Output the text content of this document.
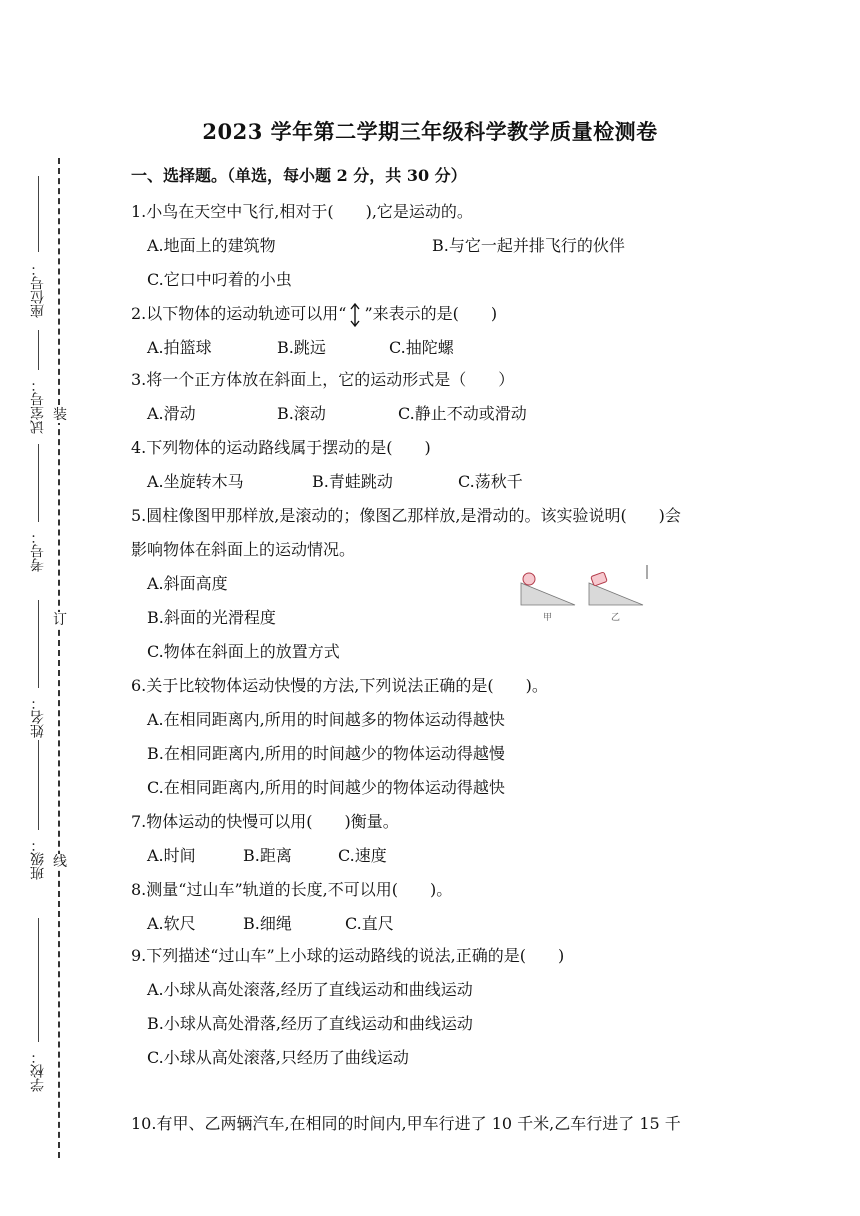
座位号：
试室号：
考号：
姓名：
班级：
学校：
装
订
线
2023 学年第二学期三年级科学教学质量检测卷
一、选择题。（单选，每小题 2 分，共 30 分）
1.小鸟在天空中飞行,相对于(　　),它是运动的。
A.地面上的建筑物	B.与它一起并排飞行的伙伴
C.它口中叼着的小虫
2.以下物体的运动轨迹可以用“ ”来表示的是(　　)
A.拍篮球	B.跳远	C.抽陀螺
3.将一个正方体放在斜面上，它的运动形式是（　　）
A.滑动	B.滚动	C.静止不动或滑动
4.下列物体的运动路线属于摆动的是(　　)
A.坐旋转木马	B.青蛙跳动	C.荡秋千
5.圆柱像图甲那样放,是滚动的；像图乙那样放,是滑动的。该实验说明(　　)会
影响物体在斜面上的运动情况。
A.斜面高度
B.斜面的光滑程度
C.物体在斜面上的放置方式
甲	乙
6.关于比较物体运动快慢的方法,下列说法正确的是(　　)。
A.在相同距离内,所用的时间越多的物体运动得越快
B.在相同距离内,所用的时间越少的物体运动得越慢
C.在相同距离内,所用的时间越少的物体运动得越快
7.物体运动的快慢可以用(　　)衡量。
A.时间	B.距离	C.速度
8.测量“过山车”轨道的长度,不可以用(　　)。
A.软尺	B.细绳	C.直尺
9.下列描述“过山车”上小球的运动路线的说法,正确的是(　　)
A.小球从高处滚落,经历了直线运动和曲线运动
B.小球从高处滑落,经历了直线运动和曲线运动
C.小球从高处滚落,只经历了曲线运动
10.有甲、乙两辆汽车,在相同的时间内,甲车行进了 10 千米,乙车行进了 15 千
